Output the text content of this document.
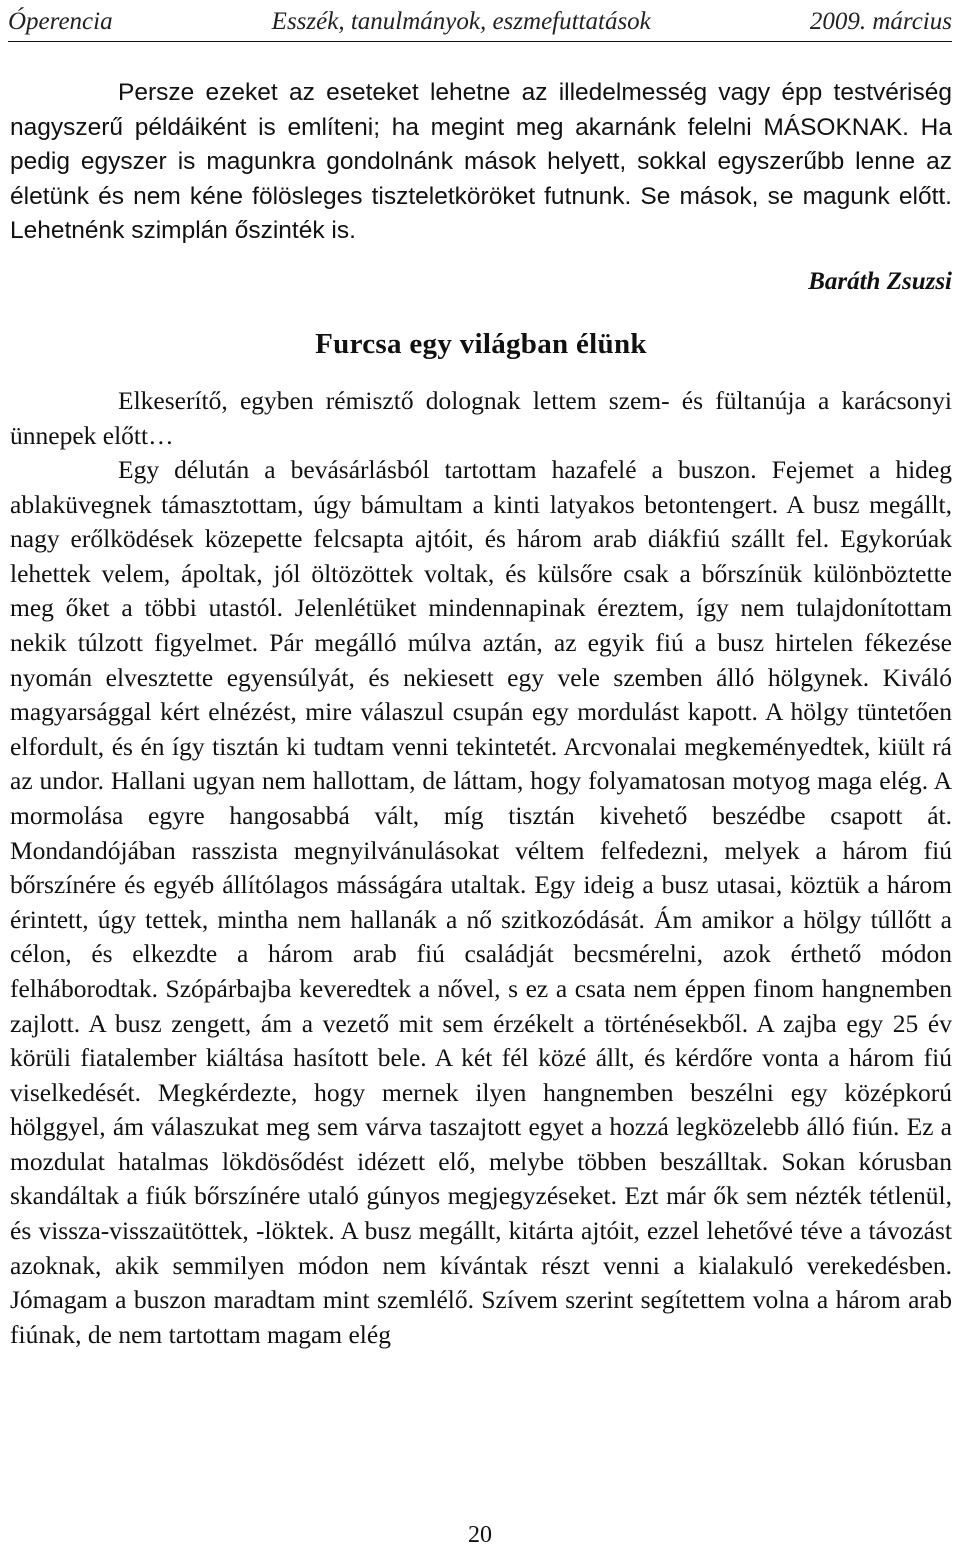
Óperencia	Esszék, tanulmányok, eszmefuttatások	2009. március

Persze ezeket az eseteket lehetne az illedelmesség vagy épp testvériség nagyszerű példáiként is említeni; ha megint meg akarnánk felelni MÁSOKNAK. Ha pedig egyszer is magunkra gondolnánk mások helyett, sokkal egyszerűbb lenne az életünk és nem kéne fölösleges tiszteletköröket futnunk. Se mások, se magunk előtt. Lehetnénk szimplán őszinték is.

Baráth Zsuzsi
Furcsa egy világban élünk

Elkeserítő, egyben rémisztő dolognak lettem szem- és fültanúja a karácsonyi ünnepek előtt…

Egy délután a bevásárlásból tartottam hazafelé a buszon. Fejemet a hideg ablaküvegnek támasztottam, úgy bámultam a kinti latyakos betontengert. A busz megállt, nagy erőlködések közepette felcsapta ajtóit, és három arab diákfiú szállt fel. Egykorúak lehettek velem, ápoltak, jól öltözöttek voltak, és külsőre csak a bőrszínük különböztette meg őket a többi utastól. Jelenlétüket mindennapinak éreztem, így nem tulajdonítottam nekik túlzott figyelmet. Pár megálló múlva aztán, az egyik fiú a busz hirtelen fékezése nyomán elvesztette egyensúlyát, és nekiesett egy vele szemben álló hölgynek. Kiváló magyarsággal kért elnézést, mire válaszul csupán egy mordulást kapott. A hölgy tüntetően elfordult, és én így tisztán ki tudtam venni tekintetét. Arcvonalai megkeményedtek, kiült rá az undor. Hallani ugyan nem hallottam, de láttam, hogy folyamatosan motyog maga elég. A mormolása egyre hangosabbá vált, míg tisztán kivehető beszédbe csapott át. Mondandójában rasszista megnyilvánulásokat véltem felfedezni, melyek a három fiú bőrszínére és egyéb állítólagos másságára utaltak. Egy ideig a busz utasai, köztük a három érintett, úgy tettek, mintha nem hallanák a nő szitkozódását. Ám amikor a hölgy túllőtt a célon, és elkezdte a három arab fiú családját becsmérelni, azok érthető módon felháborodtak. Szópárbajba keveredtek a nővel, s ez a csata nem éppen finom hangnemben zajlott. A busz zengett, ám a vezető mit sem érzékelt a történésekből. A zajba egy 25 év körüli fiatalember kiáltása hasított bele. A két fél közé állt, és kérdőre vonta a három fiú viselkedését. Megkérdezte, hogy mernek ilyen hangnemben beszélni egy középkorú hölggyel, ám válaszukat meg sem várva taszajtott egyet a hozzá legközelebb álló fiún. Ez a mozdulat hatalmas lökdösődést idézett elő, melybe többen beszálltak. Sokan kórusban skandáltak a fiúk bőrszínére utaló gúnyos megjegyzéseket. Ezt már ők sem nézték tétlenül, és vissza-visszaütöttek, -löktek. A busz megállt, kitárta ajtóit, ezzel lehetővé téve a távozást azoknak, akik semmilyen módon nem kívántak részt venni a kialakuló verekedésben. Jómagam a buszon maradtam mint szemlélő. Szívem szerint segítettem volna a három arab fiúnak, de nem tartottam magam elég

20
